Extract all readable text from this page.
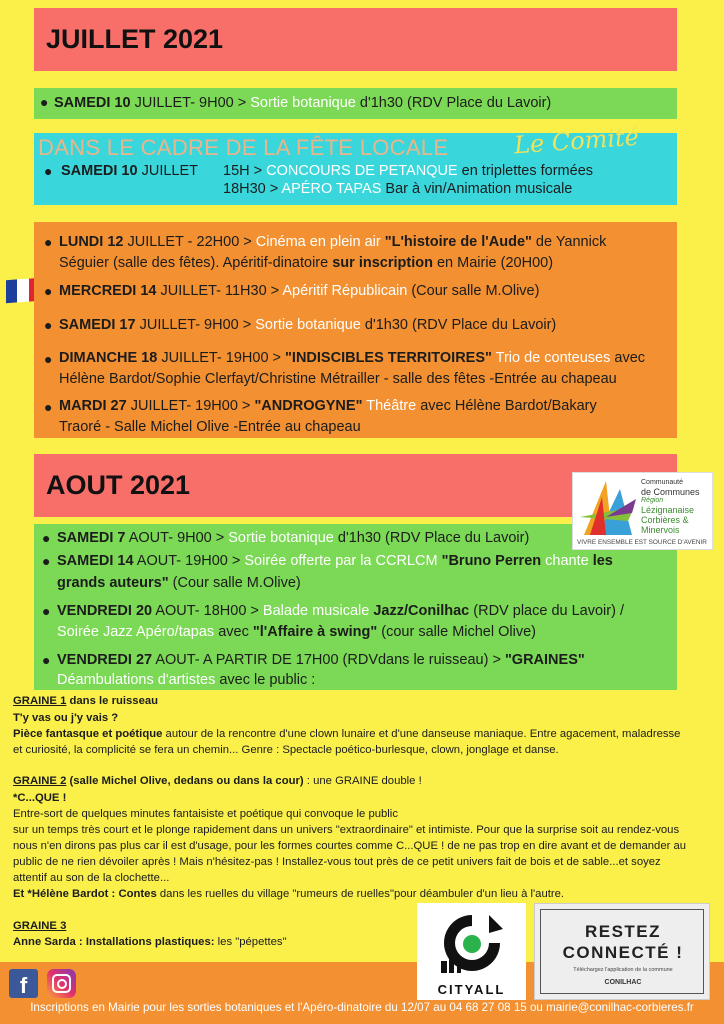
JUILLET 2021
● SAMEDI 10 JUILLET- 9H00 > Sortie botanique d'1h30 (RDV Place du Lavoir)
DANS LE CADRE DE LA FÊTE LOCALE	Le Comité
● SAMEDI 10 JUILLET 15H > CONCOURS DE PETANQUE en triplettes formées
18H30 > APÉRO TAPAS Bar à vin/Animation musicale
● LUNDI 12 JUILLET - 22H00 > Cinéma en plein air "L'histoire de l'Aude" de Yannick
Séguier (salle des fêtes). Apéritif-dinatoire sur inscription en Mairie (20H00)
● MERCREDI 14 JUILLET- 11H30 > Apéritif Républicain (Cour salle M.Olive)
● SAMEDI 17 JUILLET- 9H00 > Sortie botanique d'1h30 (RDV Place du Lavoir)
● DIMANCHE 18 JUILLET- 19H00 > "INDISCIBLES TERRITOIRES" Trio de conteuses avec
Hélène Bardot/Sophie Clerfayt/Christine Métrailler - salle des fêtes -Entrée au chapeau
● MARDI 27 JUILLET- 19H00 > "ANDROGYNE" Théâtre avec Hélène Bardot/Bakary
Traoré - Salle Michel Olive -Entrée au chapeau
AOUT 2021
● SAMEDI 7 AOUT- 9H00 > Sortie botanique d'1h30 (RDV Place du Lavoir)
● SAMEDI 14 AOUT- 19H00 > Soirée offerte par la CCRLCM "Bruno Perren chante les
grands auteurs" (Cour salle M.Olive)
● VENDREDI 20 AOUT- 18H00 > Balade musicale Jazz/Conilhac (RDV place du Lavoir) /
Soirée Jazz Apéro/tapas avec "l'Affaire à swing" (cour salle Michel Olive)
● VENDREDI 27 AOUT- A PARTIR DE 17H00 (RDVdans le ruisseau) > "GRAINES"
Déambulations d'artistes avec le public :
Communauté
de Communes
Région
Lézignanaise
Corbières &
Minervois
VIVRE ENSEMBLE EST SOURCE D'AVENIR
GRAINE 1 dans le ruisseau
T'y vas ou j'y vais ?
Pièce fantasque et poétique autour de la rencontre d'une clown lunaire et d'une danseuse maniaque. Entre agacement, maladresse
et curiosité, la complicité se fera un chemin... Genre : Spectacle poético-burlesque, clown, jonglage et danse.
GRAINE 2 (salle Michel Olive, dedans ou dans la cour) : une GRAINE double !
*C...QUE !
Entre-sort de quelques minutes fantaisiste et poétique qui convoque le public
sur un temps très court et le plonge rapidement dans un univers "extraordinaire" et intimiste. Pour que la surprise soit au rendez-vous
nous n'en dirons pas plus car il est d'usage, pour les formes courtes comme C...QUE ! de ne pas trop en dire avant et de demander au
public de ne rien dévoiler après ! Mais n'hésitez-pas ! Installez-vous tout près de ce petit univers fait de bois et de sable...et soyez
attentif au son de la clochette...
Et *Hélène Bardot : Contes dans les ruelles du village "rumeurs de ruelles"pour déambuler d'un lieu à l'autre.
GRAINE 3
Anne Sarda : Installations plastiques: les "pépettes"
Inscriptions en Mairie pour les sorties botaniques et l'Apéro-dinatoire du 12/07 au 04 68 27 08 15 ou mairie@conilhac-corbieres.fr
f	CITYALL
RESTEZ
CONNECTÉ !
Téléchargez l'application de la commune
CONILHAC
